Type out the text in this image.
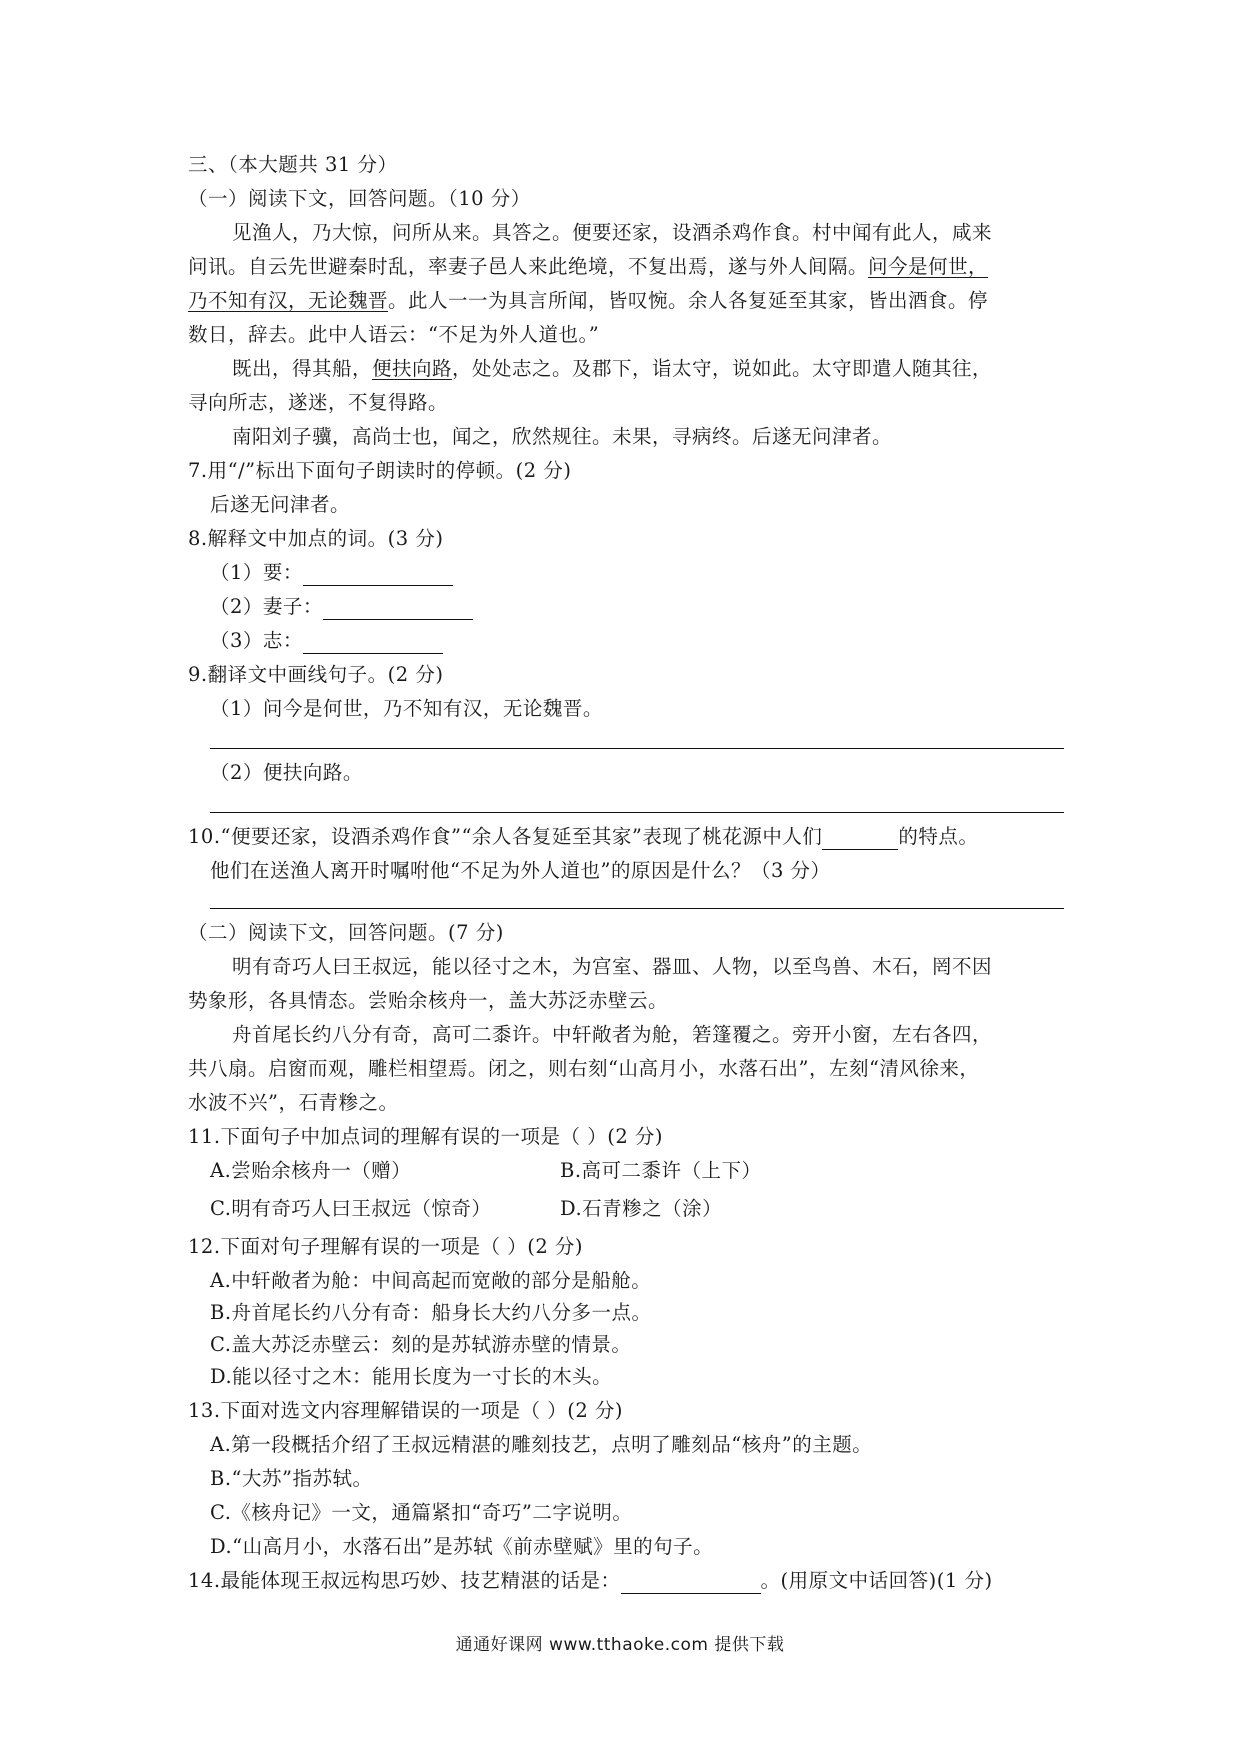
三、（本大题共 31 分）
（一）阅读下文，回答问题。（10 分）
见渔人，乃大惊，问所从来。具答之。便要还家，设酒杀鸡作食。村中闻有此人，咸来
问讯。自云先世避秦时乱，率妻子邑人来此绝境，不复出焉，遂与外人间隔。问今是何世，
乃不知有汉，无论魏晋。此人一一为具言所闻，皆叹惋。余人各复延至其家，皆出酒食。停
数日，辞去。此中人语云：“不足为外人道也。”
既出，得其船，便扶向路，处处志之。及郡下，诣太守，说如此。太守即遣人随其往，
寻向所志，遂迷，不复得路。
南阳刘子骥，高尚士也，闻之，欣然规往。未果，寻病终。后遂无问津者。
7.用“/”标出下面句子朗读时的停顿。(2 分)
后遂无问津者。
8.解释文中加点的词。(3 分)
（1）要：
（2）妻子：
（3）志：
9.翻译文中画线句子。(2 分)
（1）问今是何世，乃不知有汉，无论魏晋。
（2）便扶向路。
10.“便要还家，设酒杀鸡作食”“余人各复延至其家”表现了桃花源中人们	的特点。
他们在送渔人离开时嘱咐他“不足为外人道也”的原因是什么？（3 分）
（二）阅读下文，回答问题。(7 分)
明有奇巧人曰王叔远，能以径寸之木，为宫室、器皿、人物，以至鸟兽、木石，罔不因
势象形，各具情态。尝贻余核舟一，盖大苏泛赤壁云。
舟首尾长约八分有奇，高可二黍许。中轩敞者为舱，箬篷覆之。旁开小窗，左右各四，
共八扇。启窗而观，雕栏相望焉。闭之，则右刻“山高月小，水落石出”，左刻“清风徐来，
水波不兴”，石青糁之。
11.下面句子中加点词的理解有误的一项是（ ）(2 分)
A.尝贻余核舟一（赠）	B.高可二黍许（上下）
C.明有奇巧人曰王叔远（惊奇）	D.石青糁之（涂）
12.下面对句子理解有误的一项是（ ）(2 分)
A.中轩敞者为舱：中间高起而宽敞的部分是船舱。
B.舟首尾长约八分有奇：船身长大约八分多一点。
C.盖大苏泛赤壁云：刻的是苏轼游赤壁的情景。
D.能以径寸之木：能用长度为一寸长的木头。
13.下面对选文内容理解错误的一项是（ ）(2 分)
A.第一段概括介绍了王叔远精湛的雕刻技艺，点明了雕刻品“核舟”的主题。
B.“大苏”指苏轼。
C.《核舟记》一文，通篇紧扣“奇巧”二字说明。
D.“山高月小，水落石出”是苏轼《前赤壁赋》里的句子。
14.最能体现王叔远构思巧妙、技艺精湛的话是：	。(用原文中话回答)(1 分)
通通好课网 www.tthaoke.com 提供下载
